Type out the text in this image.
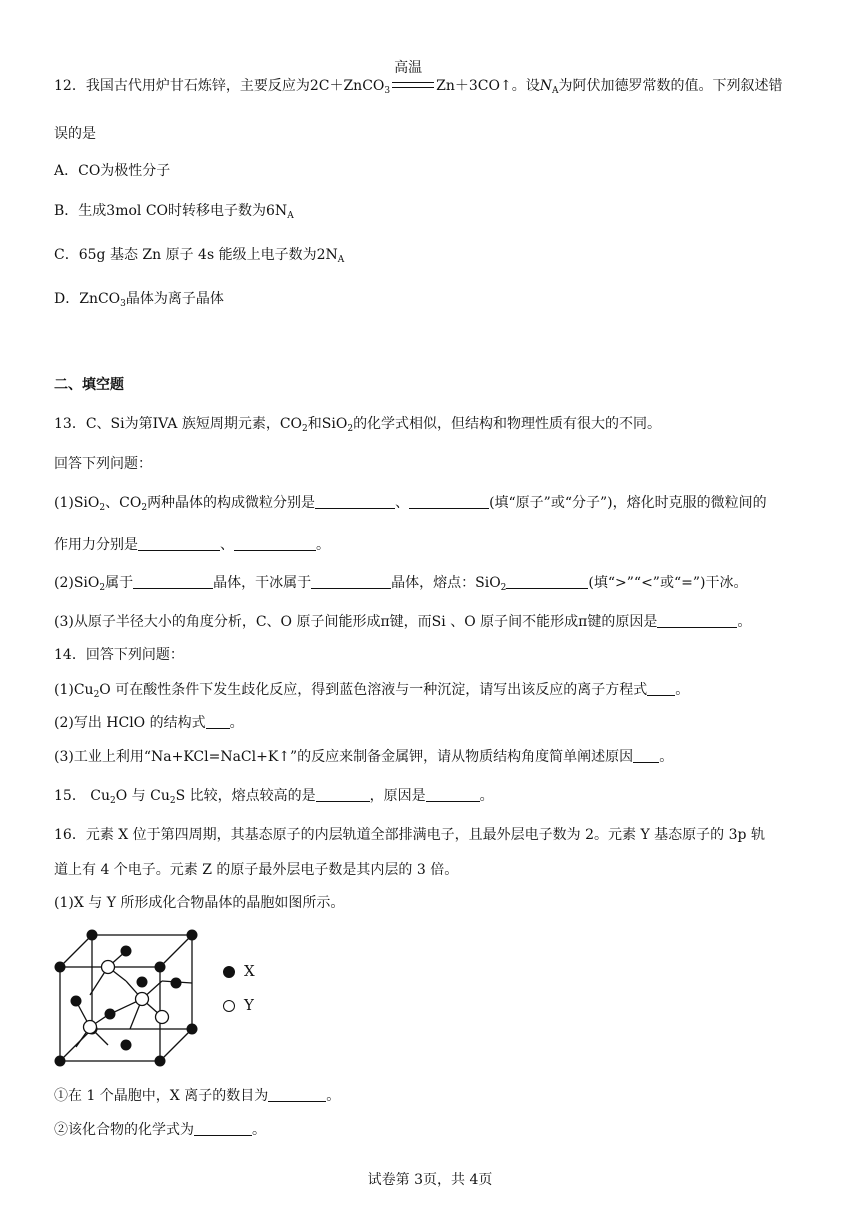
12．我国古代用炉甘石炼锌，主要反应为2C＋ZnCO$_3$
高温
Zn＋3CO↑。设$N_A$为阿伏加德罗常数的值。下列叙述错
误的是
A．CO为极性分子
B．生成3mol CO时转移电子数为$6N_A$
C．65g 基态 Zn 原子 4s 能级上电子数为$2N_A$
D．ZnCO$_3$晶体为离子晶体
二、填空题
13．C、Si为第IVA 族短周期元素，$CO_2$和SiO$_2$的化学式相似，但结构和物理性质有很大的不同。
回答下列问题：
(1)SiO$_2$、$CO_2$两种晶体的构成微粒分别是	、	(填“原子”或“分子”)，熔化时克服的微粒间的
作用力分别是	、	。
(2)SiO$_2$属于	晶体，干冰属于	晶体，熔点：SiO$_2$	(填“>”“<”或“=”)干冰。
(3)从原子半径大小的角度分析，C、O 原子间能形成π键，而Si 、O 原子间不能形成π键的原因是	。
14．回答下列问题：
$(1)Cu_2O$ 可在酸性条件下发生歧化反应，得到蓝色溶液与一种沉淀，请写出该反应的离子方程式 。
(2)写出 HClO 的结构式 。
(3)工业上利用“Na+KCl=NaCl+K↑”的反应来制备金属钾，请从物质结构角度简单阐述原因 。
15． $Cu_2O$ 与 $Cu_2S$ 比较，熔点较高的是	，原因是	。
16．元素 X 位于第四周期，其基态原子的内层轨道全部排满电子，且最外层电子数为 2。元素 Y 基态原子的 3p 轨
道上有 4 个电子。元素 Z 的原子最外层电子数是其内层的 3 倍。
(1)X 与 Y 所形成化合物晶体的晶胞如图所示。
X
Y
①在 1 个晶胞中，X 离子的数目为	。
②该化合物的化学式为	。
试卷第 3页，共 4页
